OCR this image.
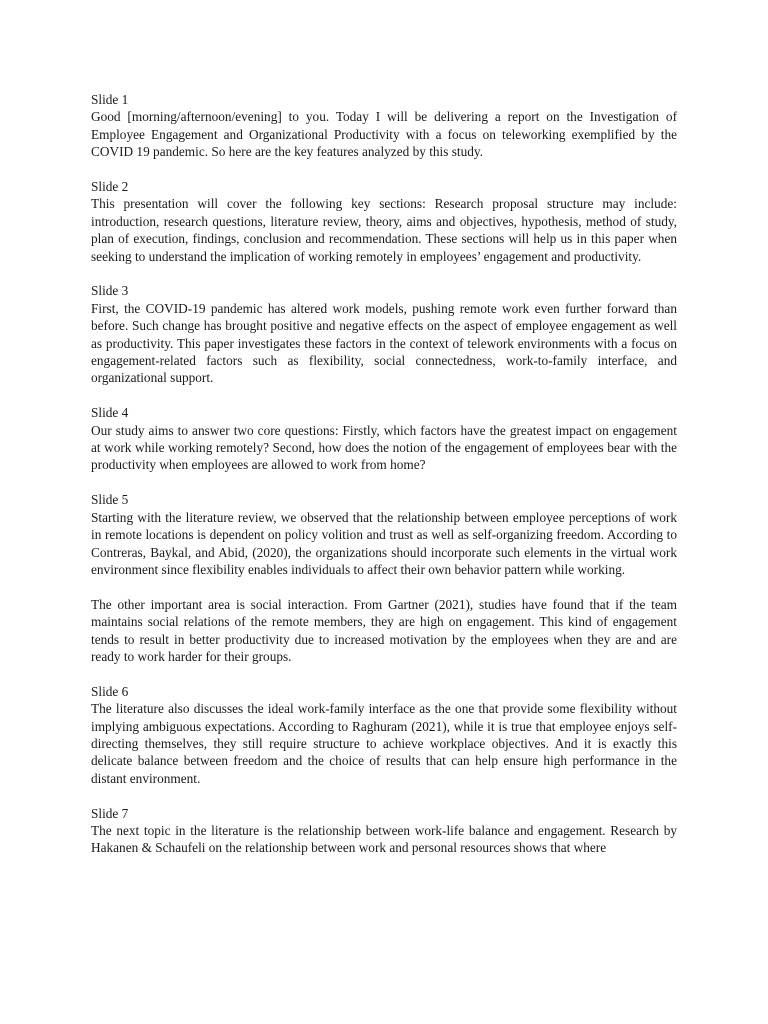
Slide 1

Good [morning/afternoon/evening] to you. Today I will be delivering a report on the Investigation of Employee Engagement and Organizational Productivity with a focus on teleworking exemplified by the COVID 19 pandemic. So here are the key features analyzed by this study.

Slide 2

This presentation will cover the following key sections: Research proposal structure may include: introduction, research questions, literature review, theory, aims and objectives, hypothesis, method of study, plan of execution, findings, conclusion and recommendation. These sections will help us in this paper when seeking to understand the implication of working remotely in employees’ engagement and productivity.

Slide 3

First, the COVID-19 pandemic has altered work models, pushing remote work even further forward than before. Such change has brought positive and negative effects on the aspect of employee engagement as well as productivity. This paper investigates these factors in the context of telework environments with a focus on engagement-related factors such as flexibility, social connectedness, work-to-family interface, and organizational support.

Slide 4

Our study aims to answer two core questions: Firstly, which factors have the greatest impact on engagement at work while working remotely? Second, how does the notion of the engagement of employees bear with the productivity when employees are allowed to work from home?

Slide 5

Starting with the literature review, we observed that the relationship between employee perceptions of work in remote locations is dependent on policy volition and trust as well as self-organizing freedom. According to Contreras, Baykal, and Abid, (2020), the organizations should incorporate such elements in the virtual work environment since flexibility enables individuals to affect their own behavior pattern while working.

The other important area is social interaction. From Gartner (2021), studies have found that if the team maintains social relations of the remote members, they are high on engagement. This kind of engagement tends to result in better productivity due to increased motivation by the employees when they are and are ready to work harder for their groups.

Slide 6

The literature also discusses the ideal work-family interface as the one that provide some flexibility without implying ambiguous expectations. According to Raghuram (2021), while it is true that employee enjoys self-directing themselves, they still require structure to achieve workplace objectives. And it is exactly this delicate balance between freedom and the choice of results that can help ensure high performance in the distant environment.

Slide 7

The next topic in the literature is the relationship between work-life balance and engagement. Research by Hakanen & Schaufeli on the relationship between work and personal resources shows that where
